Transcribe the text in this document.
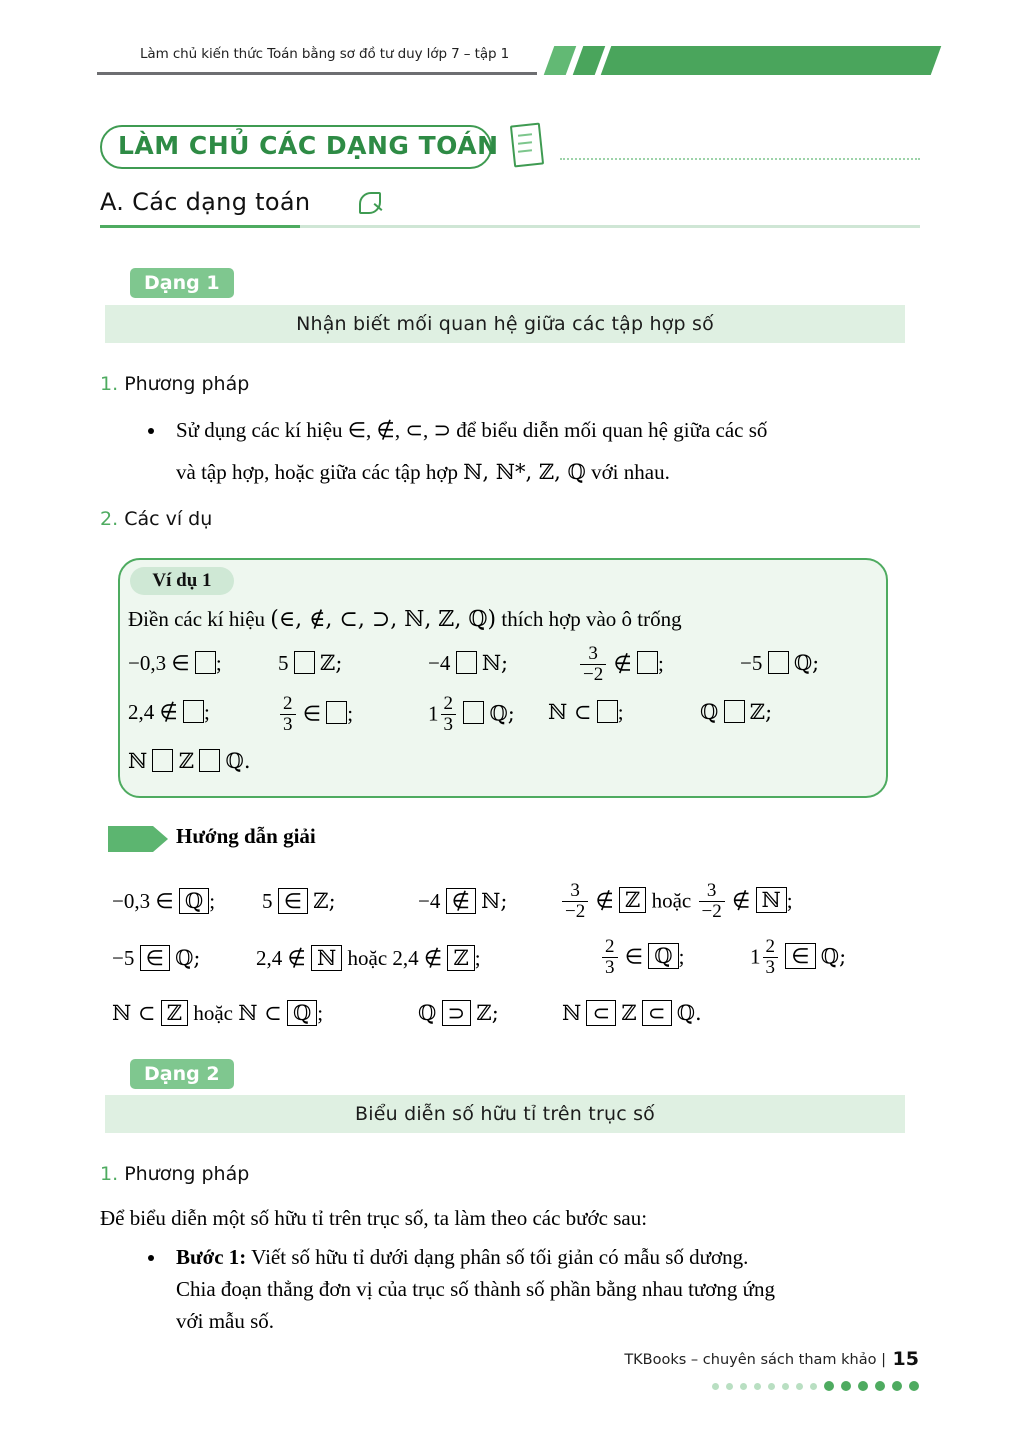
Làm chủ kiến thức Toán bằng sơ đồ tư duy lớp 7 – tập 1
LÀM CHỦ CÁC DẠNG TOÁN
A. Các dạng toán
Dạng 1
Nhận biết mối quan hệ giữa các tập hợp số
1. Phương pháp
Sử dụng các kí hiệu ∈, ∉, ⊂, ⊃ để biểu diễn mối quan hệ giữa các số
và tập hợp, hoặc giữa các tập hợp ℕ, ℕ*, ℤ, ℚ với nhau.
2. Các ví dụ
Ví dụ 1
Điền các kí hiệu (∈, ∉, ⊂, ⊃, ℕ, ℤ, ℚ) thích hợp vào ô trống
−0,3 ∈ ;	5 ℤ;	−4 ℕ;	$\frac{3}{-2}$ ∉ ;	−5 ℚ;
2,4 ∉ ;	$\frac{2}{3}$ ∈ ;	$1 \frac{2}{3}$ ℚ; ℕ ⊂ ;	ℚ ℤ;
ℕ ℤ ℚ.
Hướng dẫn giải
−0,3 ∈ ℚ ; 5 ∈ ℤ;	−4 ∉ ℕ;	$\frac{3}{-2}$ ∉ ℤ hoặc $\frac{3}{-2}$ ∉ ℕ ;
−5 ∈ ℚ;	2,4 ∉ ℕ hoặc 2,4 ∉ ℤ ;	$\frac{2}{3}$ ∈ ℚ ;	$1 \frac{2}{3}$ ∈ ℚ;
ℕ ⊂ ℤ hoặc ℕ ⊂ ℚ ;	ℚ ⊃ ℤ;	ℕ ⊂ ℤ ⊂ ℚ.
Dạng 2
Biểu diễn số hữu tỉ trên trục số
1. Phương pháp
Để biểu diễn một số hữu tỉ trên trục số, ta làm theo các bước sau:
Bước 1: Viết số hữu tỉ dưới dạng phân số tối giản có mẫu số dương.
Chia đoạn thẳng đơn vị của trục số thành số phần bằng nhau tương ứng
với mẫu số.
TKBooks – chuyên sách tham khảo | 15
